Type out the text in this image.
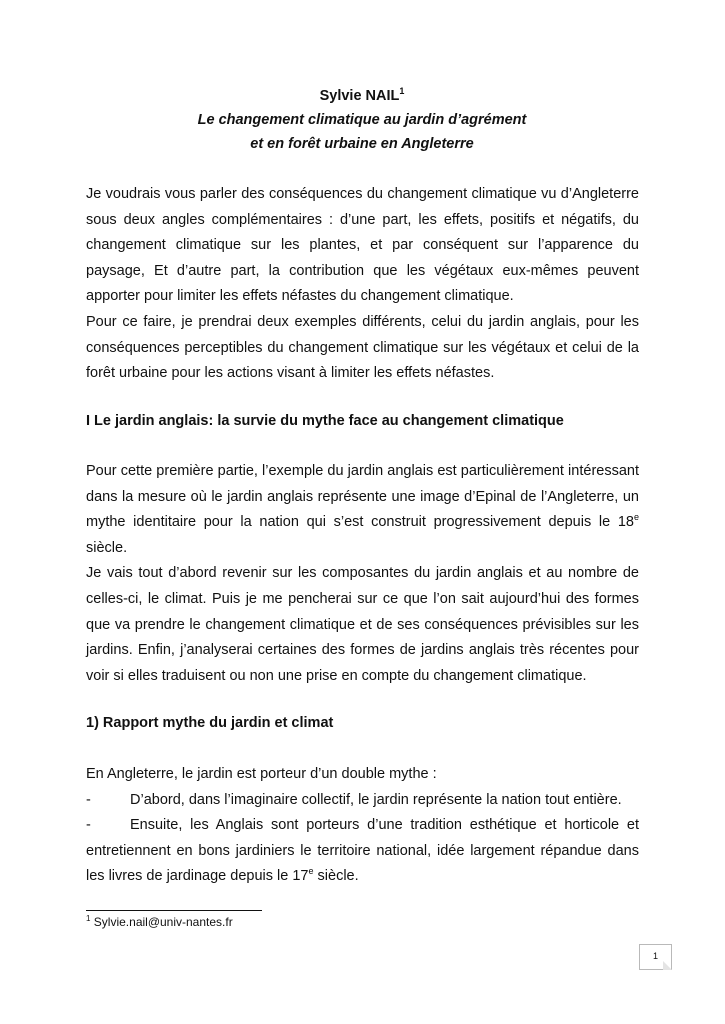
Sylvie NAIL$^1$
Le changement climatique au jardin d’agrément
et en forêt urbaine en Angleterre

Je voudrais vous parler des conséquences du changement climatique vu d’Angleterre sous deux angles complémentaires : d’une part, les effets, positifs et négatifs, du changement climatique sur les plantes, et par conséquent sur l’apparence du paysage, Et d’autre part, la contribution que les végétaux eux-mêmes peuvent apporter pour limiter les effets néfastes du changement climatique.

Pour ce faire, je prendrai deux exemples différents, celui du jardin anglais, pour les conséquences perceptibles du changement climatique sur les végétaux et celui de la forêt urbaine pour les actions visant à limiter les effets néfastes.

I Le jardin anglais: la survie du mythe face au changement climatique

Pour cette première partie, l’exemple du jardin anglais est particulièrement intéressant dans la mesure où le jardin anglais représente une image d’Epinal de l’Angleterre, un mythe identitaire pour la nation qui s’est construit progressivement depuis le 18e siècle.

Je vais tout d’abord revenir sur les composantes du jardin anglais et au nombre de celles-ci, le climat. Puis je me pencherai sur ce que l’on sait aujourd’hui des formes que va prendre le changement climatique et de ses conséquences prévisibles sur les jardins. Enfin, j’analyserai certaines des formes de jardins anglais très récentes pour voir si elles traduisent ou non une prise en compte du changement climatique.

1) Rapport mythe du jardin et climat

En Angleterre, le jardin est porteur d’un double mythe :

-	D’abord, dans l’imaginaire collectif, le jardin représente la nation tout entière.

-	Ensuite, les Anglais sont porteurs d’une tradition esthétique et horticole et entretiennent en bons jardiniers le territoire national, idée largement répandue dans les livres de jardinage depuis le 17e siècle.

$^1$ Sylvie.nail@univ-nantes.fr
1
